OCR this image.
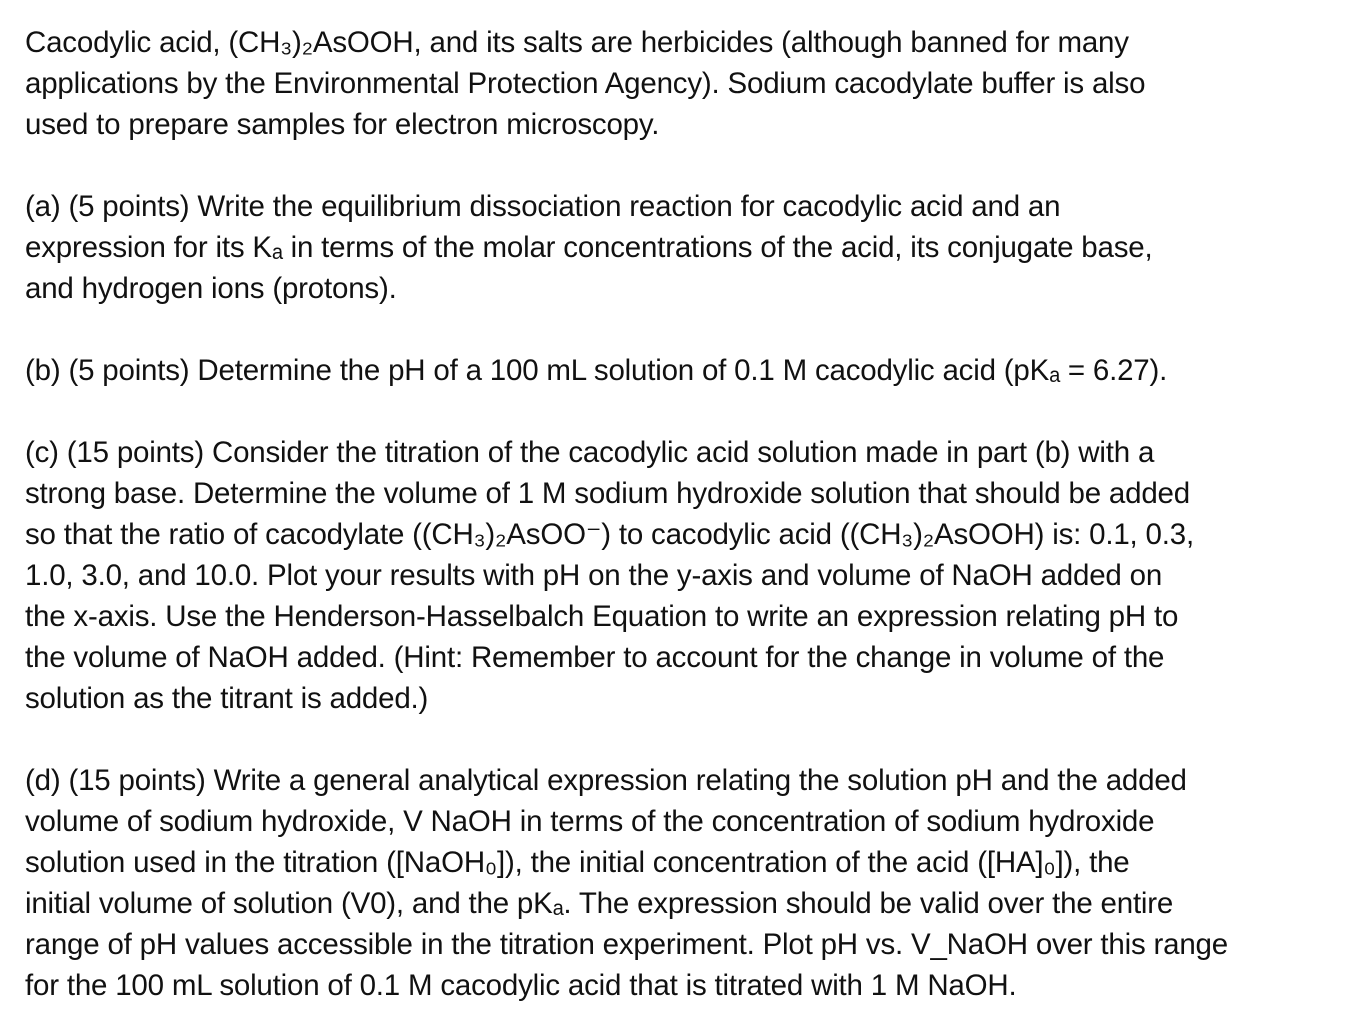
Cacodylic acid, (CH₃)₂AsOOH, and its salts are herbicides (although banned for many
applications by the Environmental Protection Agency). Sodium cacodylate buffer is also
used to prepare samples for electron microscopy.

(a) (5 points) Write the equilibrium dissociation reaction for cacodylic acid and an
expression for its Kₐ in terms of the molar concentrations of the acid, its conjugate base,
and hydrogen ions (protons).

(b) (5 points) Determine the pH of a 100 mL solution of 0.1 M cacodylic acid (pKₐ = 6.27).

(c) (15 points) Consider the titration of the cacodylic acid solution made in part (b) with a
strong base. Determine the volume of 1 M sodium hydroxide solution that should be added
so that the ratio of cacodylate ((CH₃)₂AsOO⁻) to cacodylic acid ((CH₃)₂AsOOH) is: 0.1, 0.3,
1.0, 3.0, and 10.0. Plot your results with pH on the y-axis and volume of NaOH added on
the x-axis. Use the Henderson-Hasselbalch Equation to write an expression relating pH to
the volume of NaOH added. (Hint: Remember to account for the change in volume of the
solution as the titrant is added.)

(d) (15 points) Write a general analytical expression relating the solution pH and the added
volume of sodium hydroxide, V NaOH in terms of the concentration of sodium hydroxide
solution used in the titration ([NaOH₀]), the initial concentration of the acid ([HA]₀]), the
initial volume of solution (V0), and the pKₐ. The expression should be valid over the entire
range of pH values accessible in the titration experiment. Plot pH vs. V_NaOH over this range
for the 100 mL solution of 0.1 M cacodylic acid that is titrated with 1 M NaOH.
